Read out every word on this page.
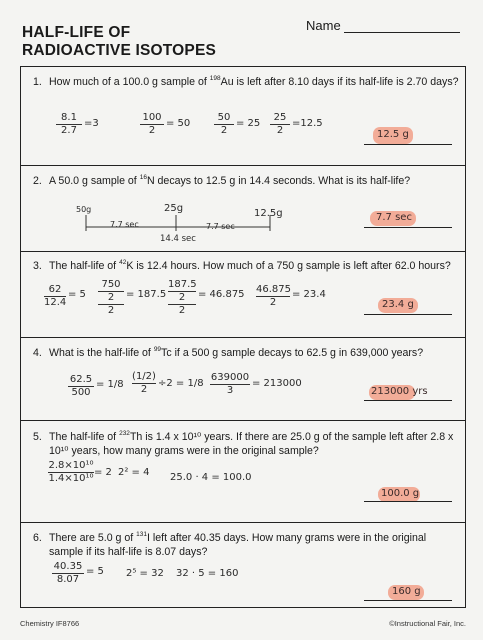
HALF-LIFE OF
RADIOACTIVE ISOTOPES
Name
1. How much of a 100.0 g sample of $^{198}$Au is left after 8.10 days if its half-life is 2.70 days?
$\frac{8.1}{2.7} =3$	$\frac{100}{2} = 50 \frac{50}{2} = 25 \frac{25}{2} =12.5$
12.5 g
2. A 50.0 g sample of $^{16}$N decays to 12.5 g in 14.4 seconds. What is its half-life?
50g	25g	12.5g
7.7 sec	7.7 sec
14.4 sec
7.7 sec
3. The half-life of $^{42}$K is 12.4 hours. How much of a 750 g sample is left after 62.0 hours?
$\frac{62}{12.4} = 5$
750
2
2
= 187.5
187.5
2
2
= $46.875 \frac{46.875}{2} = 23.4$
23.4 g
4. What is the half-life of $^{99}$Tc if a 500 g sample decays to 62.5 g in 639,000 years?
$\frac{62.5}{500} = 1/8 \frac{(1/2)}{2} \div 2 = 1/8 \frac{639000}{3} = 213000$
213000 yrs
5. The half-life of $^{232}$Th is 1.4 x 10¹⁰ years. If there are 25.0 g of the sample left after 2.8 x 10¹⁰ years, how many grams were in the original sample?
$\frac{\text{2.8×10¹⁰}}{\text{1.4×10¹⁰}} = 2$ 2² = 4 25.0 · 4 = 100.0
100.0 g
6. There are 5.0 g of $^{131}$I left after 40.35 days. How many grams were in the original sample if its half-life is 8.07 days?
$\frac{40.35}{8.07} = 5$ 2⁵ = 32 32 · 5 = 160
160 g
Chemistry IF8766	©Instructional Fair, Inc.
